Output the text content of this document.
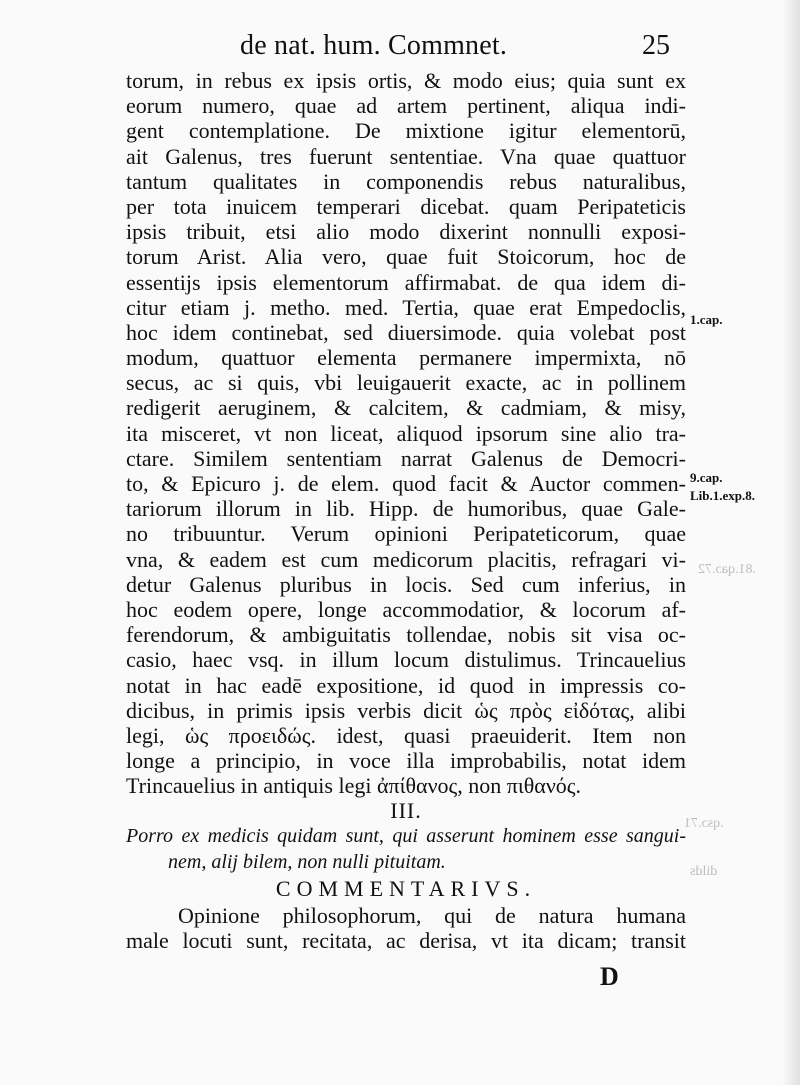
.81.qaɔ.72
.qsɔ.71
dilds
de nat. hum. Commnet.	25
torum, in rebus ex ipsis ortis, & modo eius; quia sunt ex
eorum numero, quae ad artem pertinent, aliqua indi-
gent contemplatione. De mixtione igitur elementorū,
ait Galenus, tres fuerunt sententiae. Vna quae quattuor
tantum qualitates in componendis rebus naturalibus,
per tota inuicem temperari dicebat. quam Peripateticis
ipsis tribuit, etsi alio modo dixerint nonnulli exposi-
torum Arist. Alia vero, quae fuit Stoicorum, hoc de
essentijs ipsis elementorum affirmabat. de qua idem di-
citur etiam j. metho. med. Tertia, quae erat Empedoclis,
hoc idem continebat, sed diuersimode. quia volebat post
modum, quattuor elementa permanere impermixta, nō
secus, ac si quis, vbi leuigauerit exacte, ac in pollinem
redigerit aeruginem, & calcitem, & cadmiam, & misy,
ita misceret, vt non liceat, aliquod ipsorum sine alio tra-
ctare. Similem sententiam narrat Galenus de Democri-
to, & Epicuro j. de elem. quod facit & Auctor commen-
tariorum illorum in lib. Hipp. de humoribus, quae Gale-
no tribuuntur. Verum opinioni Peripateticorum, quae
vna, & eadem est cum medicorum placitis, refragari vi-
detur Galenus pluribus in locis. Sed cum inferius, in
hoc eodem opere, longe accommodatior, & locorum af-
ferendorum, & ambiguitatis tollendae, nobis sit visa oc-
casio, haec vsq. in illum locum distulimus. Trincauelius
notat in hac eadē expositione, id quod in impressis co-
dicibus, in primis ipsis verbis dicit ὡς πρὸς εἰδότας, alibi
legi, ὡς προειδώς. idest, quasi praeuiderit. Item non
longe a principio, in voce illa improbabilis, notat idem
Trincauelius in antiquis legi ἀπίθανος, non πιθανός.
III.
Porro ex medicis quidam sunt, qui asserunt hominem esse sangui-
nem, alij bilem, non nulli pituitam.
COMMENTARIVS.
Opinione philosophorum, qui de natura humana
male locuti sunt, recitata, ac derisa, vt ita dicam; transit
D
1.cap.
9.cap.
Lib.1.exp.8.
